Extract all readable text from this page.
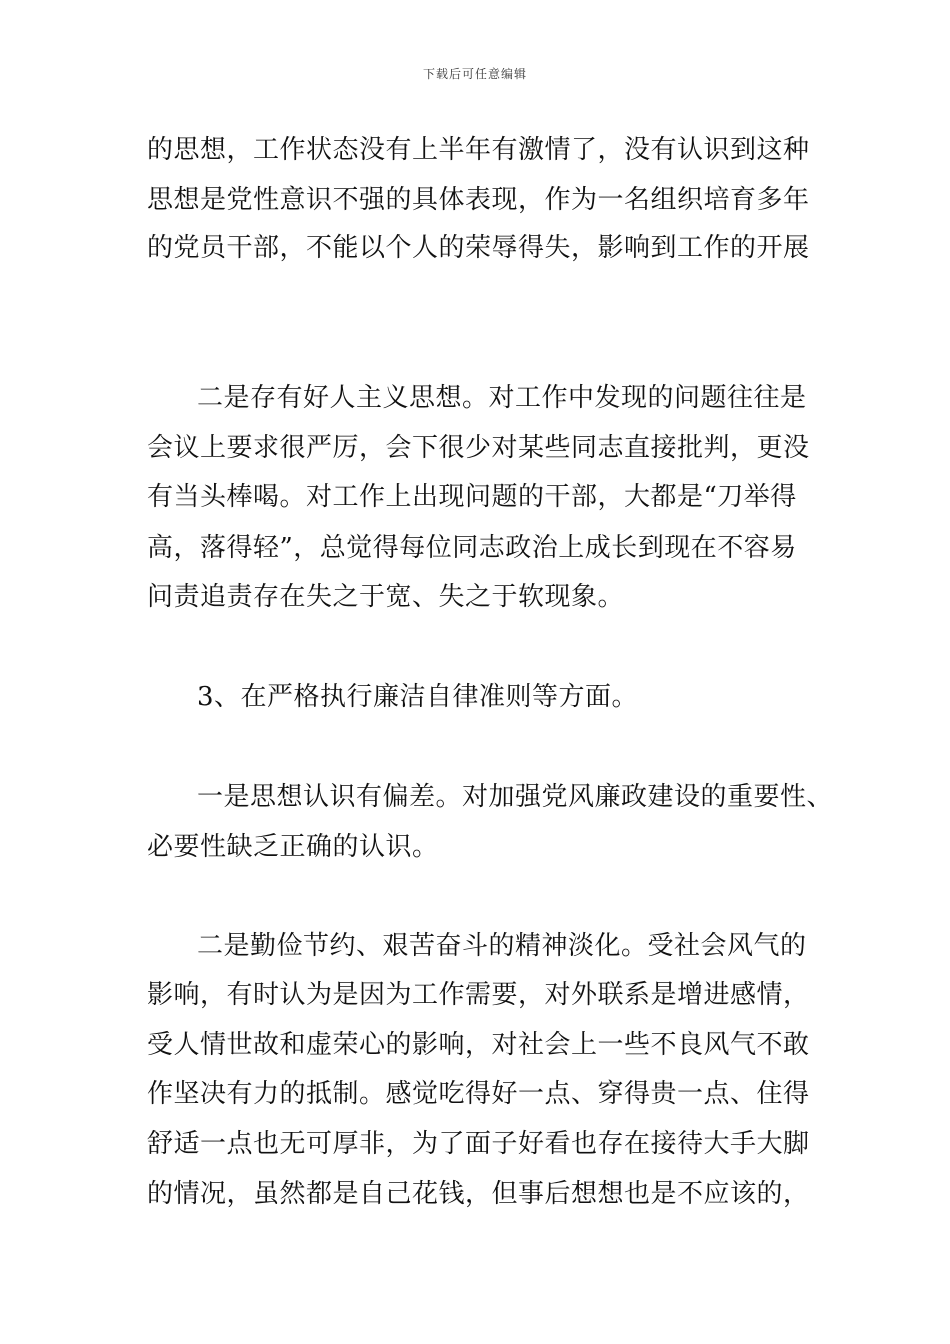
下载后可任意编辑
的思想，工作状态没有上半年有激情了，没有认识到这种
思想是党性意识不强的具体表现，作为一名组织培育多年
的党员干部，不能以个人的荣辱得失，影响到工作的开展
二是存有好人主义思想。对工作中发现的问题往往是
会议上要求很严厉，会下很少对某些同志直接批判，更没
有当头棒喝。对工作上出现问题的干部，大都是“刀举得
高，落得轻”，总觉得每位同志政治上成长到现在不容易
问责追责存在失之于宽、失之于软现象。
3、在严格执行廉洁自律准则等方面。
一是思想认识有偏差。对加强党风廉政建设的重要性、
必要性缺乏正确的认识。
二是勤俭节约、艰苦奋斗的精神淡化。受社会风气的
影响，有时认为是因为工作需要，对外联系是增进感情，
受人情世故和虚荣心的影响，对社会上一些不良风气不敢
作坚决有力的抵制。感觉吃得好一点、穿得贵一点、住得
舒适一点也无可厚非，为了面子好看也存在接待大手大脚
的情况，虽然都是自己花钱，但事后想想也是不应该的，
